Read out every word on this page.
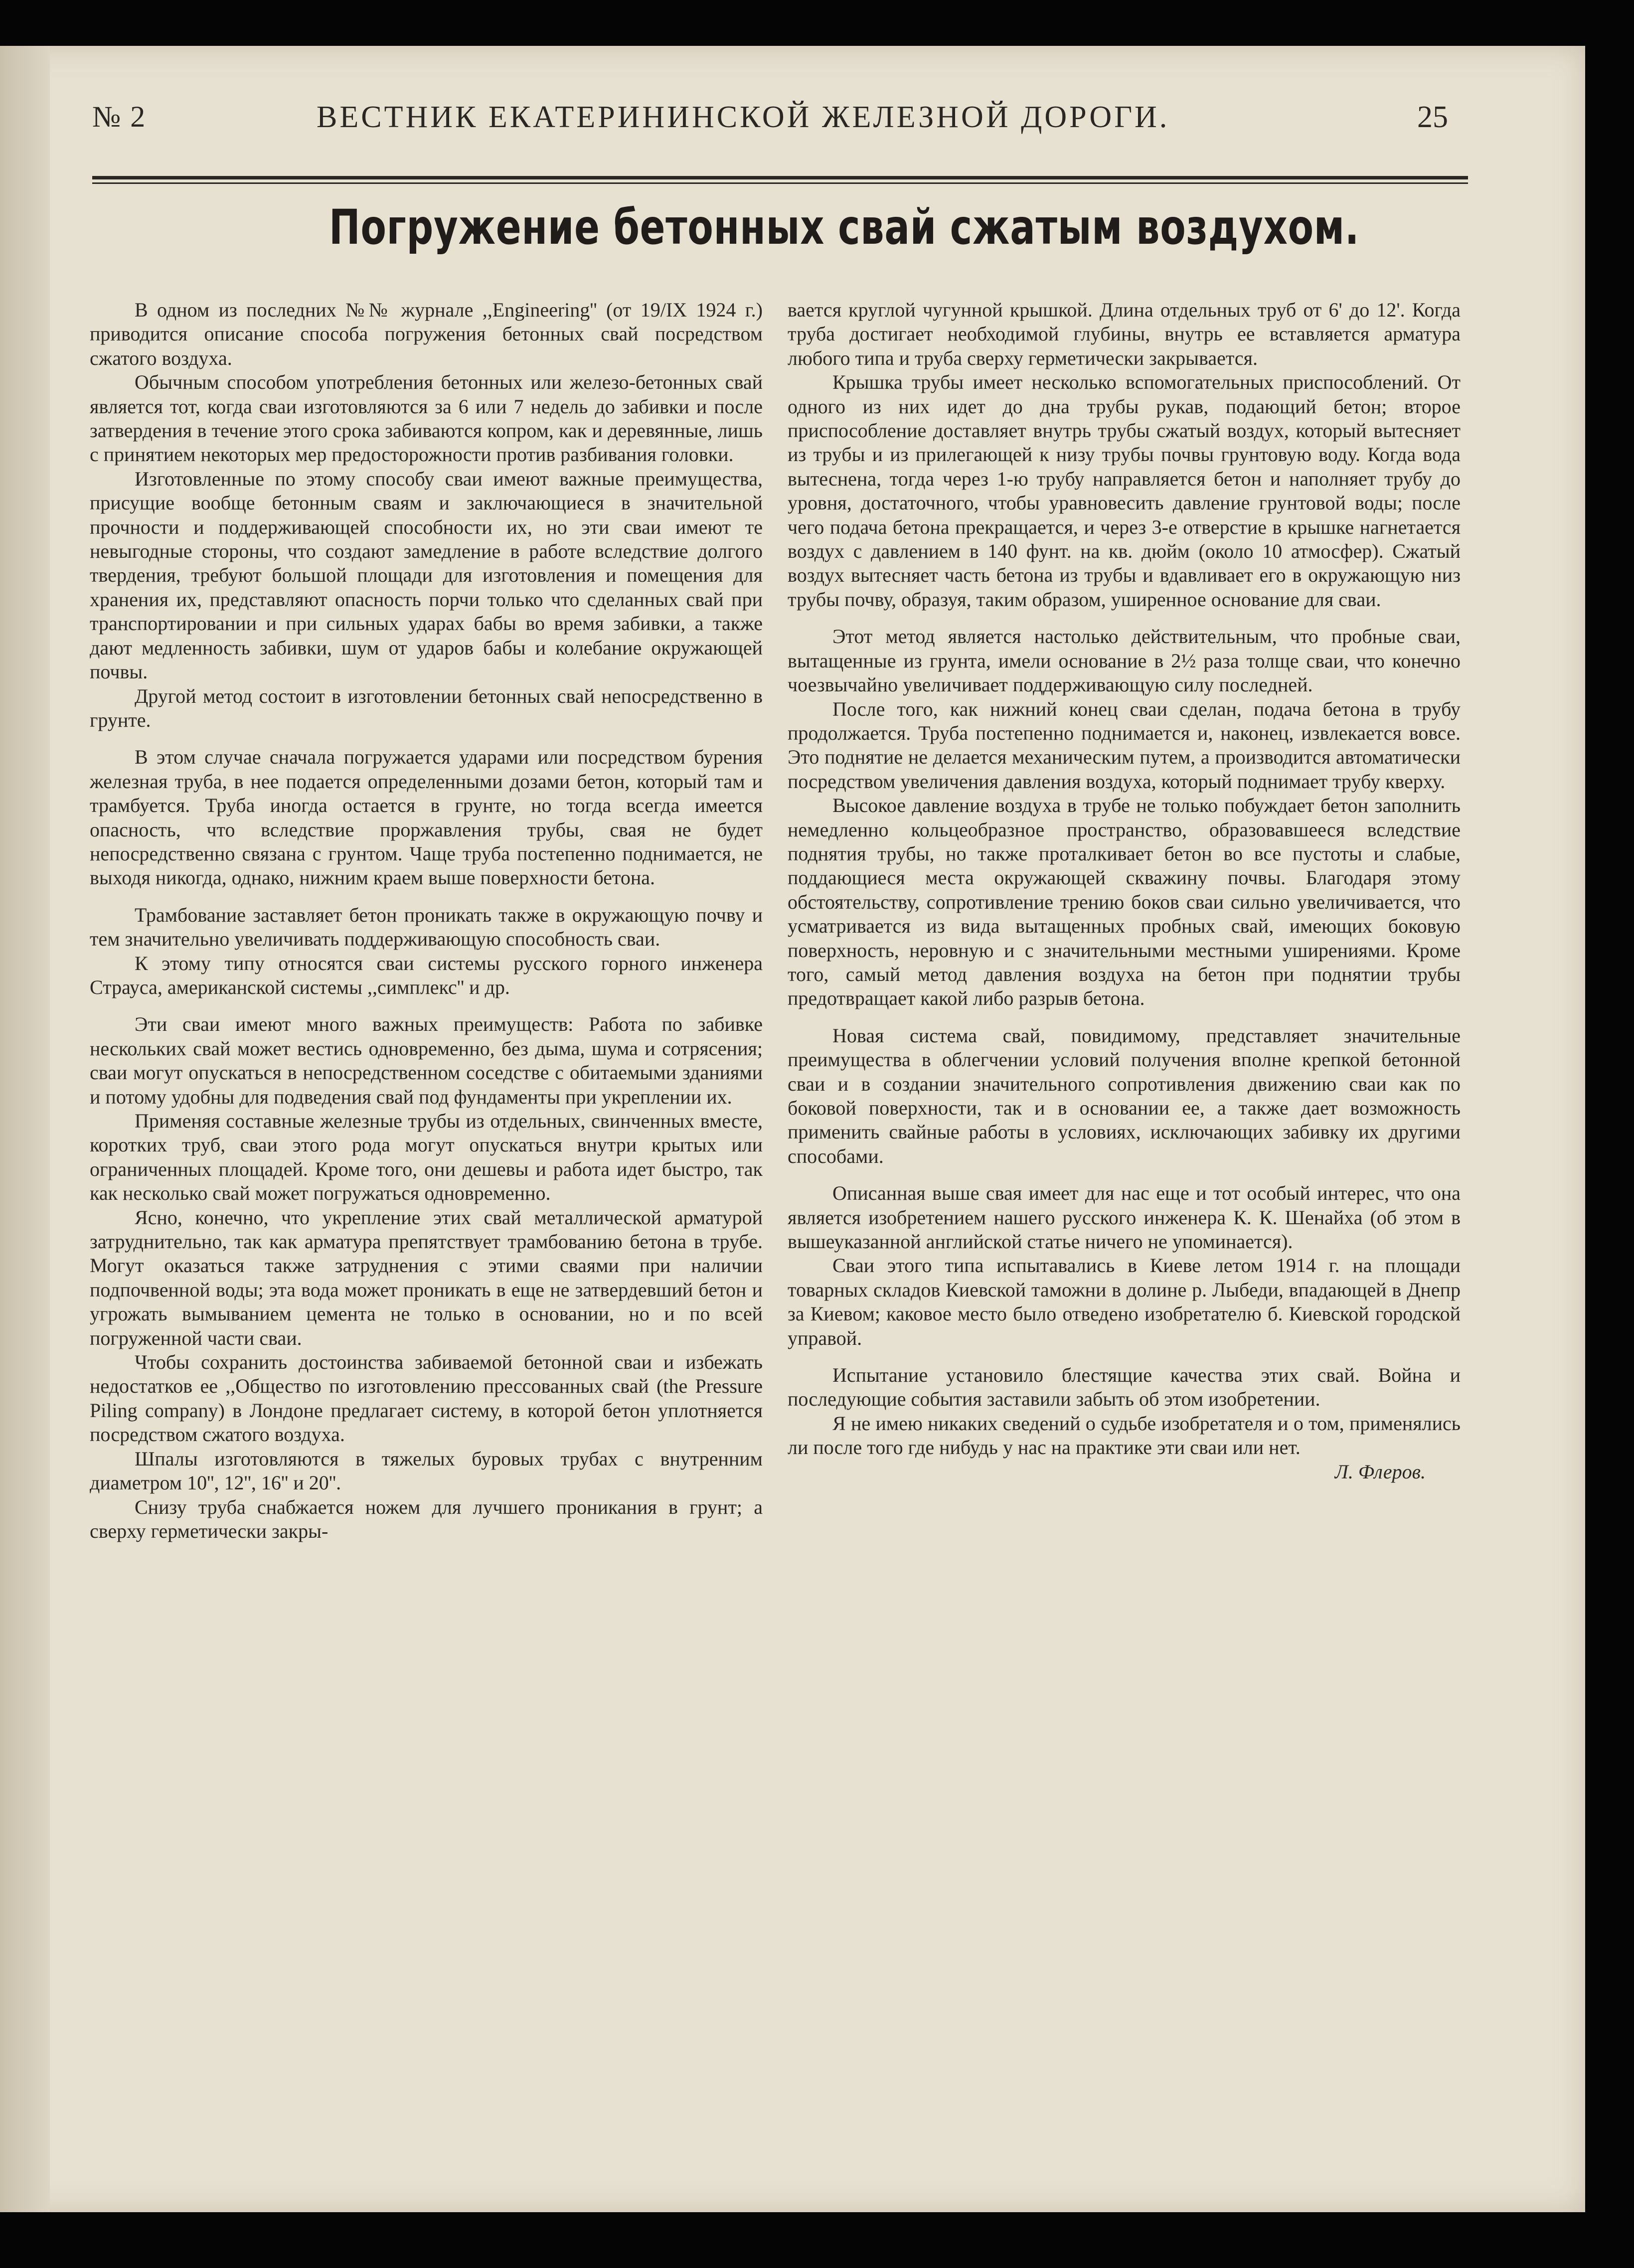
№ 2	ВЕСТНИК ЕКАТЕРИНИНСКОЙ ЖЕЛЕЗНОЙ ДОРОГИ.	25
Погружение бетонных свай сжатым воздухом.

В одном из последних №№ журнале ,,Engineering'' (от 19/IX 1924 г.) приводится описание способа погружения бетонных свай посредством сжатого воздуха.

Обычным способом употребления бетонных или железо-бетонных свай является тот, когда сваи изготовляются за 6 или 7 недель до забивки и после затвердения в течение этого срока забиваются копром, как и деревянные, лишь с принятием некоторых мер предосторожности против разбивания головки.

Изготовленные по этому способу сваи имеют важные преимущества, присущие вообще бетонным сваям и заключающиеся в значительной прочности и поддерживающей способности их, но эти сваи имеют те невыгодные стороны, что создают замедление в работе вследствие долгого твердения, требуют большой площади для изготовления и помещения для хранения их, представляют опасность порчи только что сделанных свай при транспортировании и при сильных ударах бабы во время забивки, а также дают медленность забивки, шум от ударов бабы и колебание окружающей почвы.

Другой метод состоит в изготовлении бетонных свай непосредственно в грунте.

В этом случае сначала погружается ударами или посредством бурения железная труба, в нее подается определенными дозами бетон, который там и трамбуется. Труба иногда остается в грунте, но тогда всегда имеется опасность, что вследствие проржавления трубы, свая не будет непосредственно связана с грунтом. Чаще труба постепенно поднимается, не выходя никогда, однако, нижним краем выше поверхности бетона.

Трамбование заставляет бетон проникать также в окружающую почву и тем значительно увеличивать поддерживающую способность сваи.

К этому типу относятся сваи системы русского горного инженера Страуса, американской системы ,,симплекс'' и др.

Эти сваи имеют много важных преимуществ: Работа по забивке нескольких свай может вестись одновременно, без дыма, шума и сотрясения; сваи могут опускаться в непосредственном соседстве с обитаемыми зданиями и потому удобны для подведения свай под фундаменты при укреплении их.

Применяя составные железные трубы из отдельных, свинченных вместе, коротких труб, сваи этого рода могут опускаться внутри крытых или ограниченных площадей. Кроме того, они дешевы и работа идет быстро, так как несколько свай может погружаться одновременно.

Ясно, конечно, что укрепление этих свай металлической арматурой затруднительно, так как арматура препятствует трамбованию бетона в трубе. Могут оказаться также затруднения с этими сваями при наличии подпочвенной воды; эта вода может проникать в еще не затвердевший бетон и угрожать вымыванием цемента не только в основании, но и по всей погруженной части сваи.

Чтобы сохранить достоинства забиваемой бетонной сваи и избежать недостатков ее ,,Общество по изготовлению прессованных свай (the Pressure Piling company) в Лондоне предлагает систему, в которой бетон уплотняется посредством сжатого воздуха.

Шпалы изготовляются в тяжелых буровых трубах с внутренним диаметром 10'', 12'', 16'' и 20''.

Снизу труба снабжается ножем для лучшего проникания в грунт; а сверху герметически закры-

вается круглой чугунной крышкой. Длина отдельных труб от 6' до 12'. Когда труба достигает необходимой глубины, внутрь ее вставляется арматура любого типа и труба сверху герметически закрывается.

Крышка трубы имеет несколько вспомогательных приспособлений. От одного из них идет до дна трубы рукав, подающий бетон; второе приспособление доставляет внутрь трубы сжатый воздух, который вытесняет из трубы и из прилегающей к низу трубы почвы грунтовую воду. Когда вода вытеснена, тогда через 1-ю трубу направляется бетон и наполняет трубу до уровня, достаточного, чтобы уравновесить давление грунтовой воды; после чего подача бетона прекращается, и через 3-е отверстие в крышке нагнетается воздух с давлением в 140 фунт. на кв. дюйм (около 10 атмосфер). Сжатый воздух вытесняет часть бетона из трубы и вдавливает его в окружающую низ трубы почву, образуя, таким образом, уширенное основание для сваи.

Этот метод является настолько действительным, что пробные сваи, вытащенные из грунта, имели основание в 2½ раза толще сваи, что конечно чоезвычайно увеличивает поддерживающую силу последней.

После того, как нижний конец сваи сделан, подача бетона в трубу продолжается. Труба постепенно поднимается и, наконец, извлекается вовсе. Это поднятие не делается механическим путем, а производится автоматически посредством увеличения давления воздуха, который поднимает трубу кверху.

Высокое давление воздуха в трубе не только побуждает бетон заполнить немедленно кольцеобразное пространство, образовавшееся вследствие поднятия трубы, но также проталкивает бетон во все пустоты и слабые, поддающиеся места окружающей скважину почвы. Благодаря этому обстоятельству, сопротивление трению боков сваи сильно увеличивается, что усматривается из вида вытащенных пробных свай, имеющих боковую поверхность, неровную и с значительными местными уширениями. Кроме того, самый метод давления воздуха на бетон при поднятии трубы предотвращает какой либо разрыв бетона.

Новая система свай, повидимому, представляет значительные преимущества в облегчении условий получения вполне крепкой бетонной сваи и в создании значительного сопротивления движению сваи как по боковой поверхности, так и в основании ее, а также дает возможность применить свайные работы в условиях, исключающих забивку их другими способами.

Описанная выше свая имеет для нас еще и тот особый интерес, что она является изобретением нашего русского инженера К. К. Шенайха (об этом в вышеуказанной английской статье ничего не упоминается).

Сваи этого типа испытавались в Киеве летом 1914 г. на площади товарных складов Киевской таможни в долине р. Лыбеди, впадающей в Днепр за Киевом; каковое место было отведено изобретателю б. Киевской городской управой.

Испытание установило блестящие качества этих свай. Война и последующие события заставили забыть об этом изобретении.

Я не имею никаких сведений о судьбе изобретателя и о том, применялись ли после того где нибудь у нас на практике эти сваи или нет.

Л. Флеров.
